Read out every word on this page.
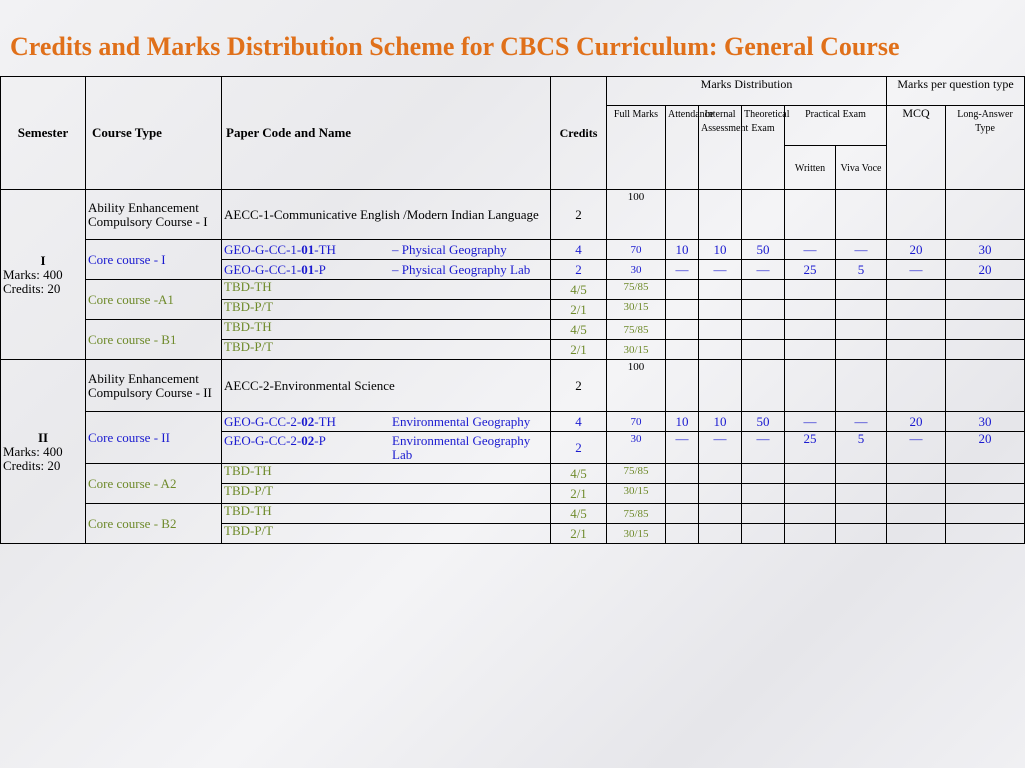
Credits and Marks Distribution Scheme for CBCS Curriculum: General Course
Semester	Course Type	Paper Code and Name	Credits	Marks Distribution						Marks per question type	
				Full Marks	Attendance	Internal Assessment	Theoretical Exam	Practical Exam		MCQ	Long-Answer Type
								Written	Viva Voce		

I
Marks: 400
Credits: 20	Ability Enhancement Compulsory Course - I	AECC-1-Communicative English /Modern Indian Language	2	100							
	Core course - I	GEO-G-CC-1-01-TH – Physical Geography	4	70	10	10	50	—	—	20	30

		GEO-G-CC-1-01-P – Physical Geography Lab	2	30	—	—	—	25	5	—	20
	Core course -A1	TBD-TH	4/5	75/85							
		TBD-P/T	2/1	30/15							
	Core course - B1	TBD-TH	4/5	75/85							
		TBD-P/T	2/1	30/15							

II
Marks: 400
Credits: 20	Ability Enhancement Compulsory Course - II	AECC-2-Environmental Science	2	100							
	Core course - II	GEO-G-CC-2-02-TH Environmental Geography	4	70	10	10	50	—	—	20	30

		GEO-G-CC-2-02-P Environmental Geography Lab	2	30	—	—	—	25	5	—	20
	Core course - A2	TBD-TH	4/5	75/85							
		TBD-P/T	2/1	30/15							
	Core course - B2	TBD-TH	4/5	75/85							
		TBD-P/T	2/1	30/15							
